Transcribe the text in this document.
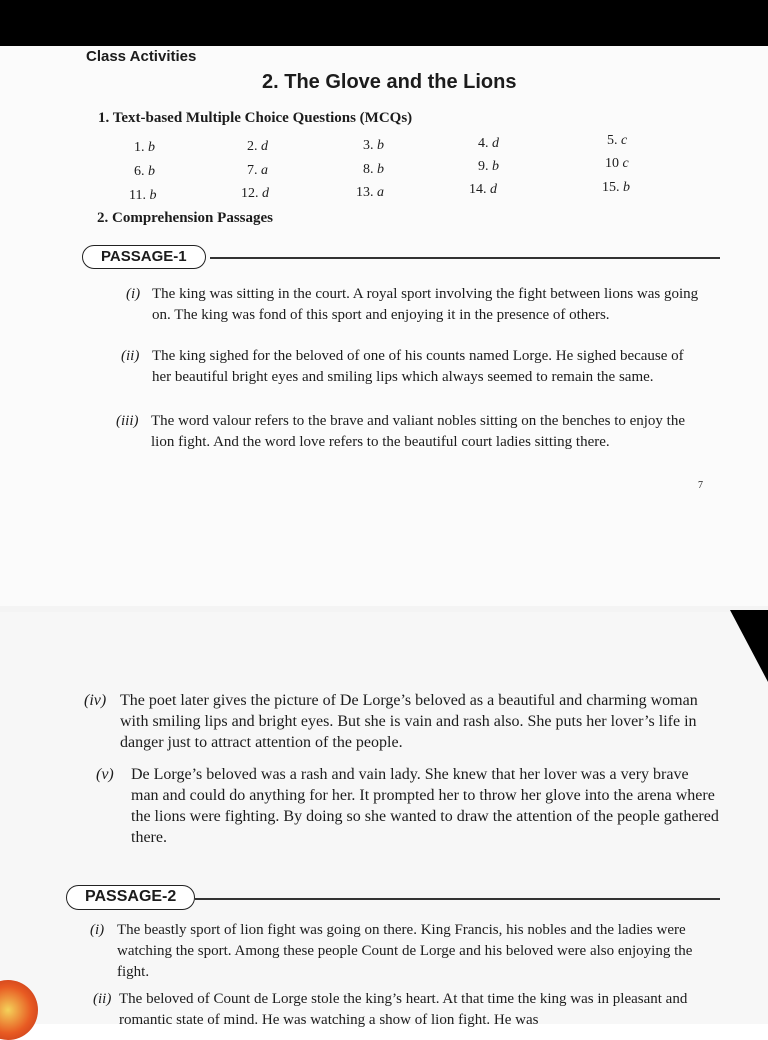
Class Activities
2. The Glove and the Lions
1. Text-based Multiple Choice Questions (MCQs)
1. b	2. d	3. b	4. d	5. c
6. b	7. a	8. b	9. b	10 c
11. b	12. d	13. a	14. d	15. b
2. Comprehension Passages
PASSAGE-1
(i) The king was sitting in the court. A royal sport involving the fight between lions was going on. The king was fond of this sport and enjoying it in the presence of others.
(ii) The king sighed for the beloved of one of his counts named Lorge. He sighed because of her beautiful bright eyes and smiling lips which always seemed to remain the same.
(iii) The word valour refers to the brave and valiant nobles sitting on the benches to enjoy the lion fight. And the word love refers to the beautiful court ladies sitting there.
7
(iv) The poet later gives the picture of De Lorge’s beloved as a beautiful and charming woman with smiling lips and bright eyes. But she is vain and rash also. She puts her lover’s life in danger just to attract attention of the people.
(v)	De Lorge’s beloved was a rash and vain lady. She knew that her lover was a very brave man and could do anything for her. It prompted her to throw her glove into the arena where the lions were fighting. By doing so she wanted to draw the attention of the people gathered there.
PASSAGE-2
(i) The beastly sport of lion fight was going on there. King Francis, his nobles and the ladies were watching the sport. Among these people Count de Lorge and his beloved were also enjoying the fight.
(ii) The beloved of Count de Lorge stole the king’s heart. At that time the king was in pleasant and romantic state of mind. He was watching a show of lion fight. He was
